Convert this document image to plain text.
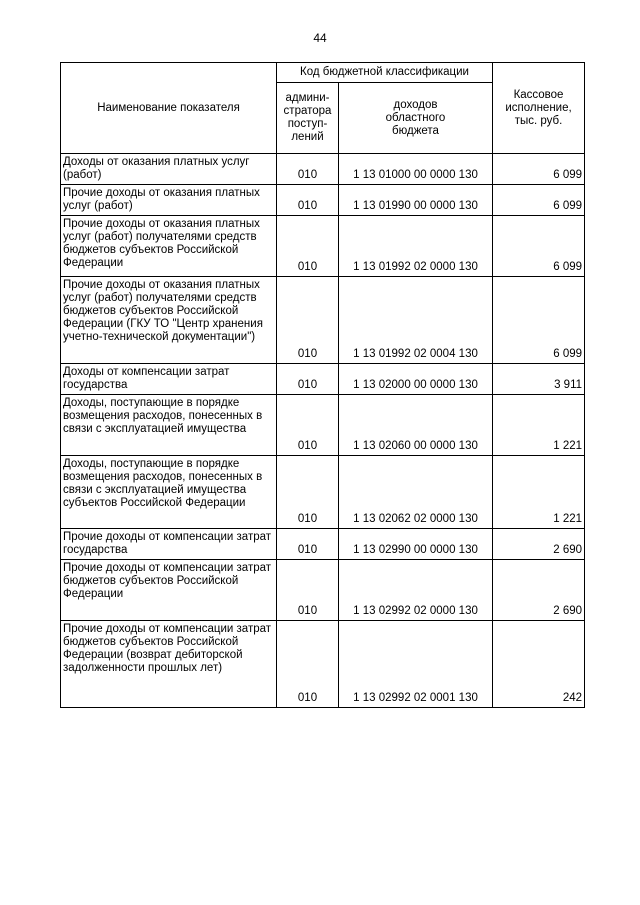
44
Наименование показателя	Код бюджетной классификации		Кассовое
исполнение,
тыс. руб.
	админи-
стратора
поступ-
лений	доходов
областного
бюджета	
Доходы от оказания платных услуг (работ)	010	1 13 01000 00 0000 130	6 099
Прочие доходы от оказания платных услуг (работ)	010	1 13 01990 00 0000 130	6 099
Прочие доходы от оказания платных услуг (работ) получателями средств бюджетов субъектов Российской Федерации	010	1 13 01992 02 0000 130	6 099
Прочие доходы от оказания платных услуг (работ) получателями средств бюджетов субъектов Российской Федерации (ГКУ ТО "Центр хранения учетно-технической документации")	010	1 13 01992 02 0004 130	6 099
Доходы от компенсации затрат государства	010	1 13 02000 00 0000 130	3 911
Доходы, поступающие в порядке возмещения расходов, понесенных в связи с эксплуатацией имущества	010	1 13 02060 00 0000 130	1 221
Доходы, поступающие в порядке возмещения расходов, понесенных в связи с эксплуатацией имущества субъектов Российской Федерации	010	1 13 02062 02 0000 130	1 221
Прочие доходы от компенсации затрат государства	010	1 13 02990 00 0000 130	2 690
Прочие доходы от компенсации затрат бюджетов субъектов Российской Федерации	010	1 13 02992 02 0000 130	2 690
Прочие доходы от компенсации затрат бюджетов субъектов Российской Федерации (возврат дебиторской задолженности прошлых лет)	010	1 13 02992 02 0001 130	242
